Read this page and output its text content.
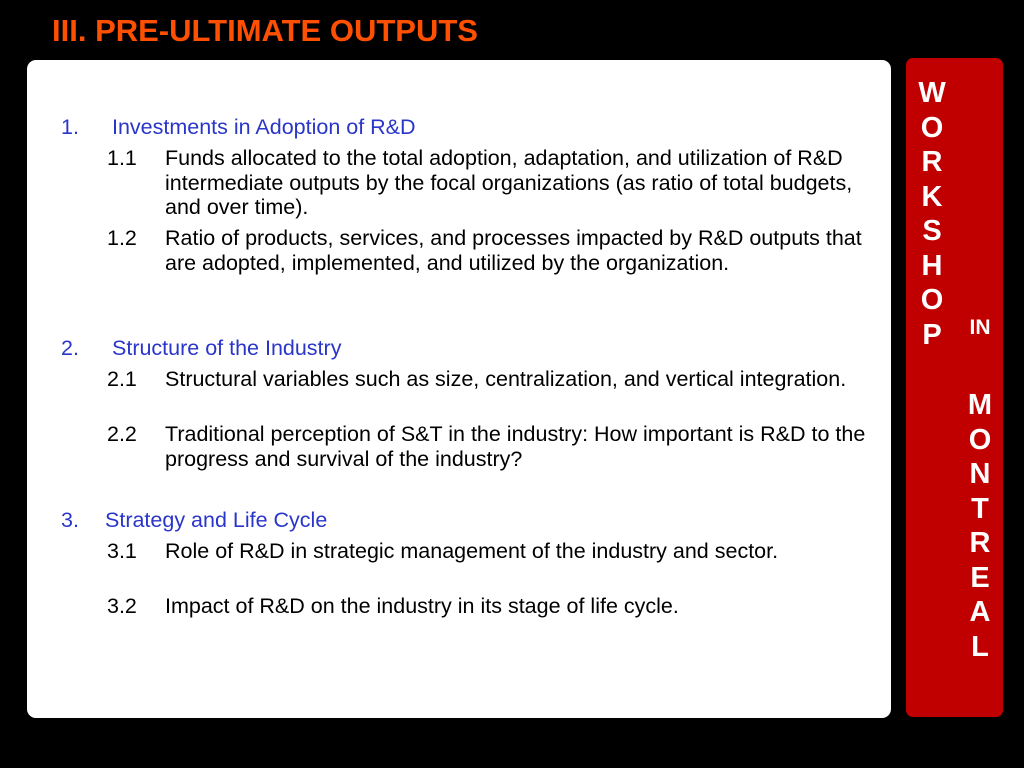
III. PRE-ULTIMATE OUTPUTS
1. Investments in Adoption of R&D
1.1 Funds allocated to the total adoption, adaptation, and utilization of R&D intermediate outputs by the focal organizations (as ratio of total budgets, and over time).
1.2 Ratio of products, services, and processes impacted by R&D outputs that are adopted, implemented, and utilized by the organization.
2. Structure of the Industry
2.1 Structural variables such as size, centralization, and vertical integration.
2.2 Traditional perception of S&T in the industry: How important is R&D to the progress and survival of the industry?
3. Strategy and Life Cycle
3.1 Role of R&D in strategic management of the industry and sector.
3.2 Impact of R&D on the industry in its stage of life cycle.
W
O
R
K
S
H
O
P	IN
M
O
N
T
R
E
A
L
